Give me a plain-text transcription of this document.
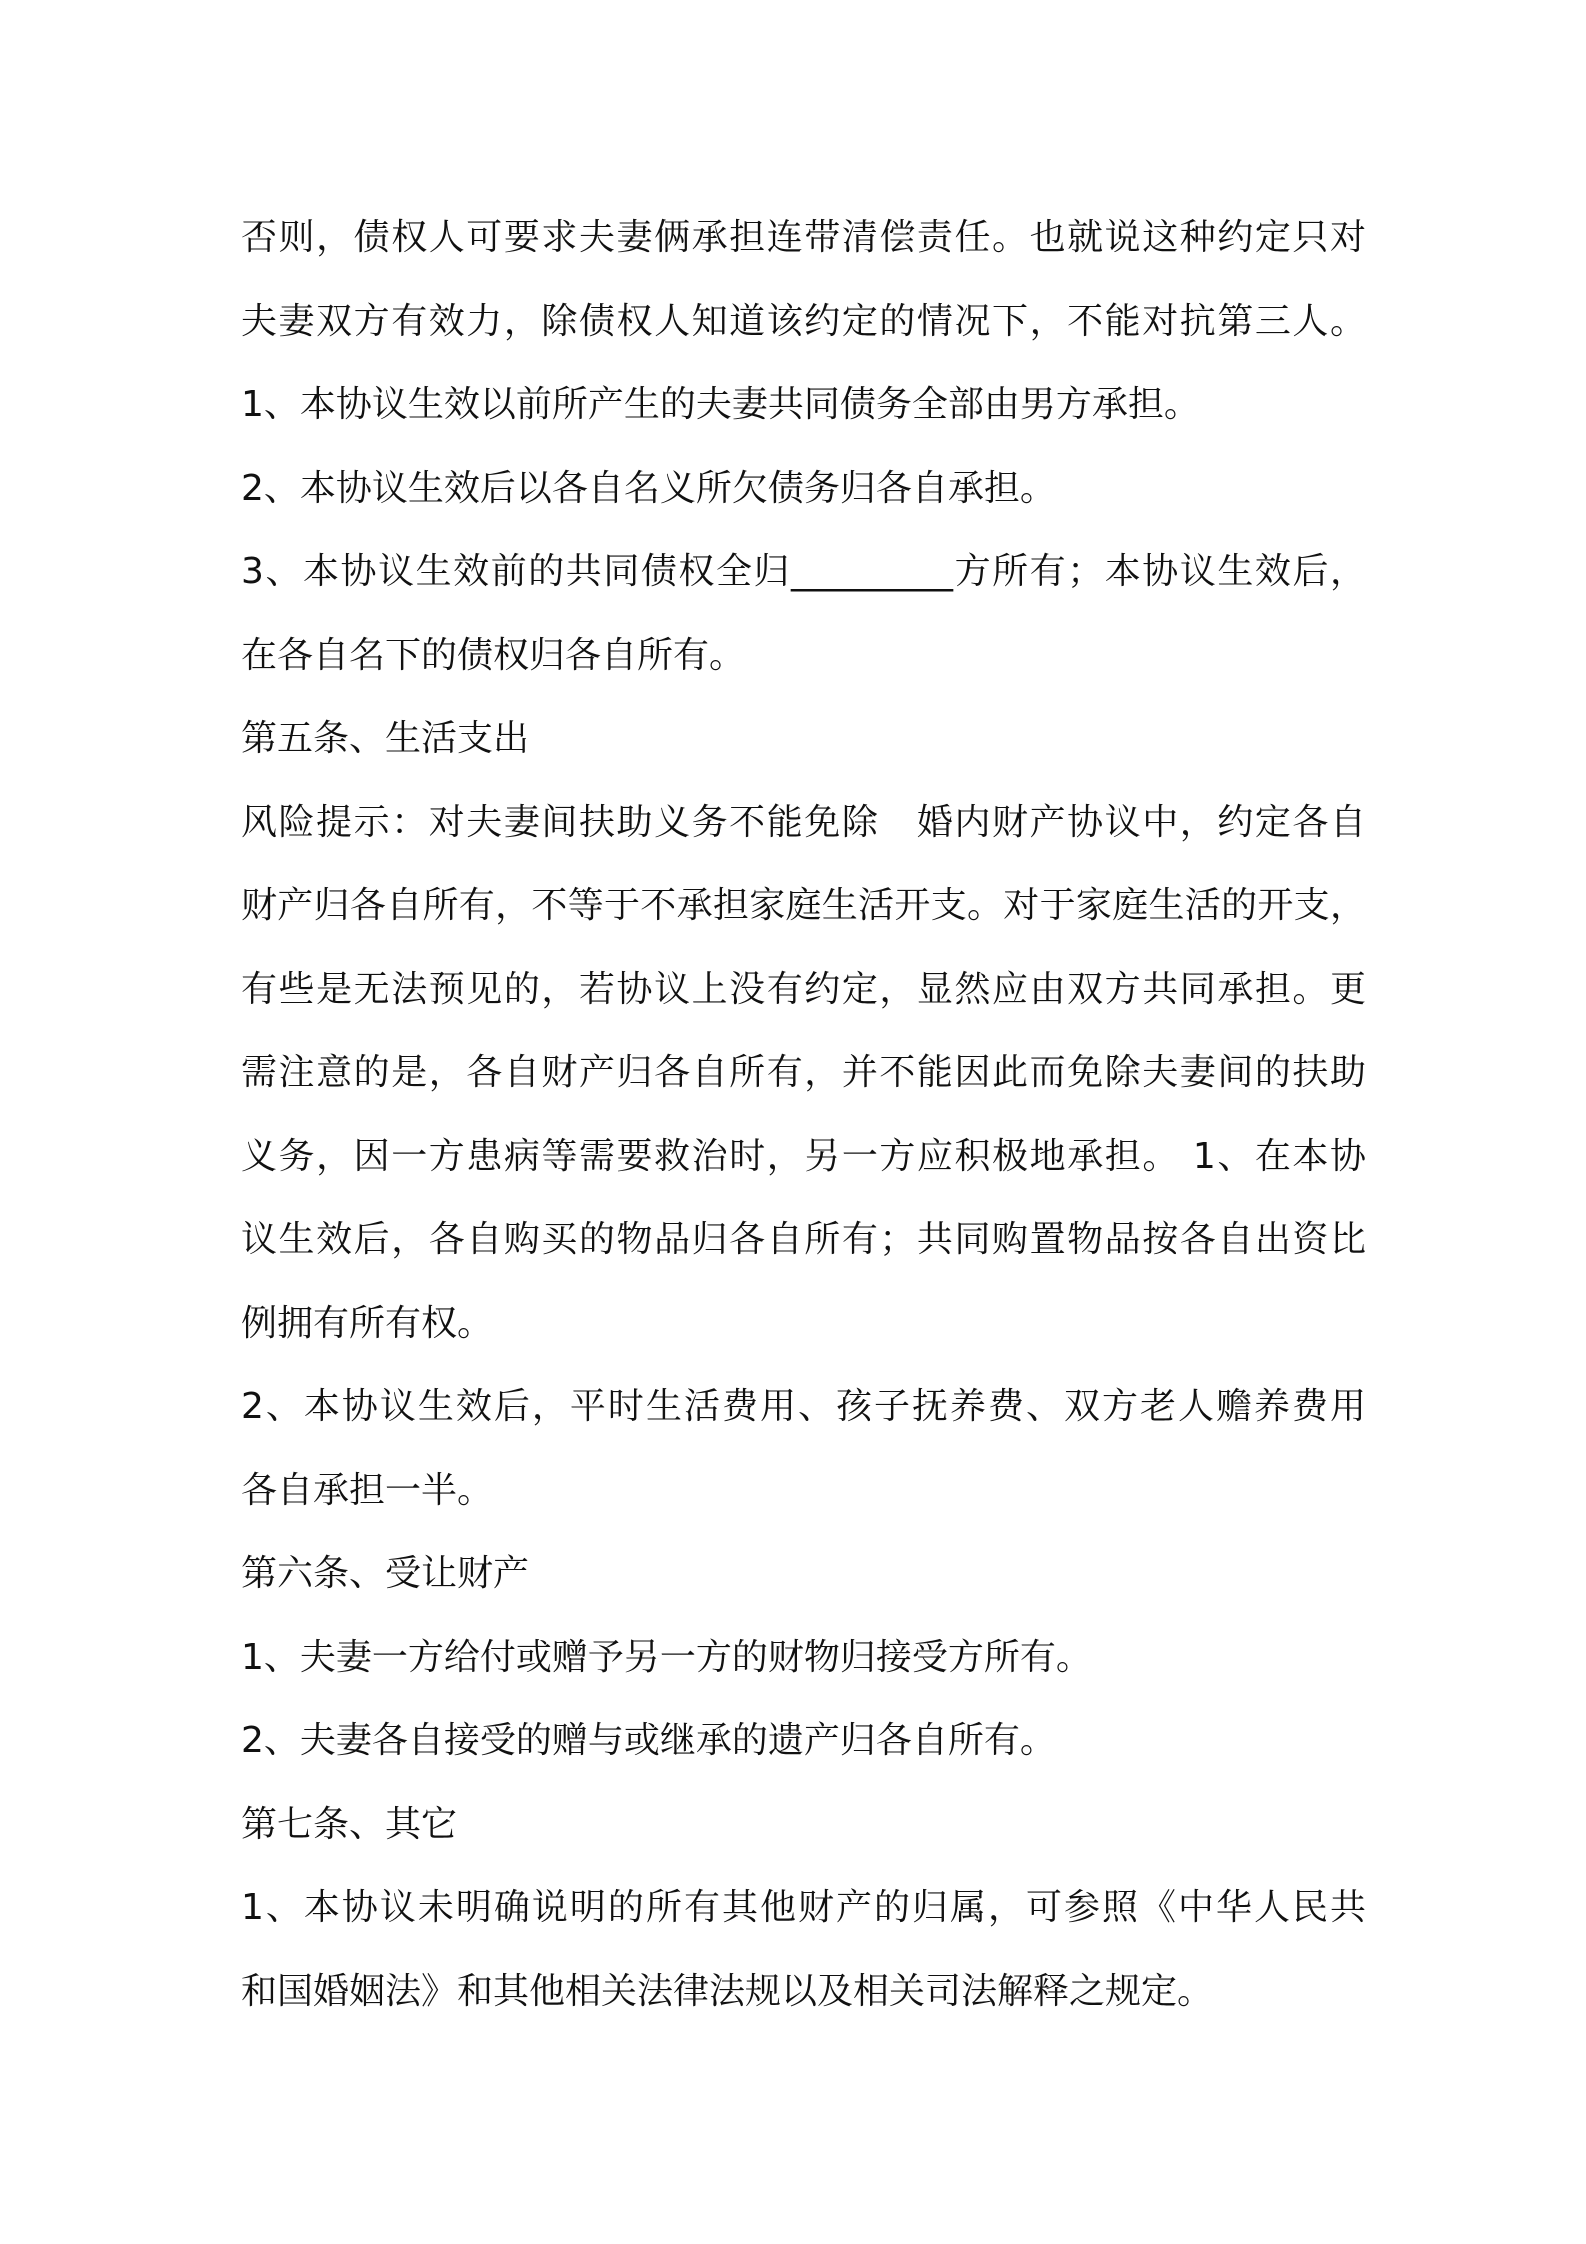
否则，债权人可要求夫妻俩承担连带清偿责任。也就说这种约定只对
夫妻双方有效力，除债权人知道该约定的情况下，不能对抗第三人。
1、本协议生效以前所产生的夫妻共同债务全部由男方承担。
2、本协议生效后以各自名义所欠债务归各自承担。
3、本协议生效前的共同债权全归_________方所有；本协议生效后，
在各自名下的债权归各自所有。
第五条、生活支出
风险提示：对夫妻间扶助义务不能免除　婚内财产协议中，约定各自
财产归各自所有，不等于不承担家庭生活开支。对于家庭生活的开支，
有些是无法预见的，若协议上没有约定，显然应由双方共同承担。更
需注意的是，各自财产归各自所有，并不能因此而免除夫妻间的扶助
义务，因一方患病等需要救治时，另一方应积极地承担。 1、在本协
议生效后，各自购买的物品归各自所有；共同购置物品按各自出资比
例拥有所有权。
2、本协议生效后，平时生活费用、孩子抚养费、双方老人赡养费用
各自承担一半。
第六条、受让财产
1、夫妻一方给付或赠予另一方的财物归接受方所有。
2、夫妻各自接受的赠与或继承的遗产归各自所有。
第七条、其它
1、本协议未明确说明的所有其他财产的归属，可参照《中华人民共
和国婚姻法》和其他相关法律法规以及相关司法解释之规定。
